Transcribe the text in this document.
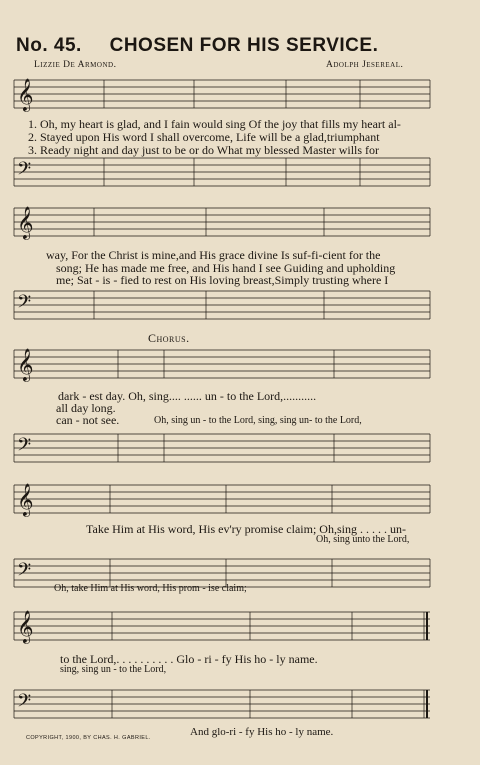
No. 45. CHOSEN FOR HIS SERVICE.
Lizzie De Armond.	Adolph Jesereal.
𝄞
1. Oh, my heart is glad, and I fain would sing Of the joy that fills my heart al-
2. Stayed upon His word I shall overcome, Life will be a glad,triumphant
3. Ready night and day just to be or do What my blessed Master wills for
𝄢
𝄞
way, For the Christ is mine,and His grace divine Is suf-fi-cient for the
song; He has made me free, and His hand I see Guiding and upholding
me; Sat - is - fied to rest on His loving breast,Simply trusting where I
𝄢
Chorus.
𝄞
dark - est day. Oh, sing.... ...... un - to the Lord,...........
all day long.
can - not see.	Oh, sing un - to the Lord, sing, sing un- to the Lord,
𝄢
𝄞
Take Him at His word, His ev'ry promise claim; Oh,sing . . . . . un-
Oh, sing unto the Lord,
𝄢
Oh, take Him at His word, His prom - ise claim;
𝄞
to the Lord,. . . . . . . . . . Glo - ri - fy His ho - ly name.
sing, sing un - to the Lord,
𝄢
And glo-ri - fy His ho - ly name.
COPYRIGHT, 1900, BY CHAS. H. GABRIEL.
